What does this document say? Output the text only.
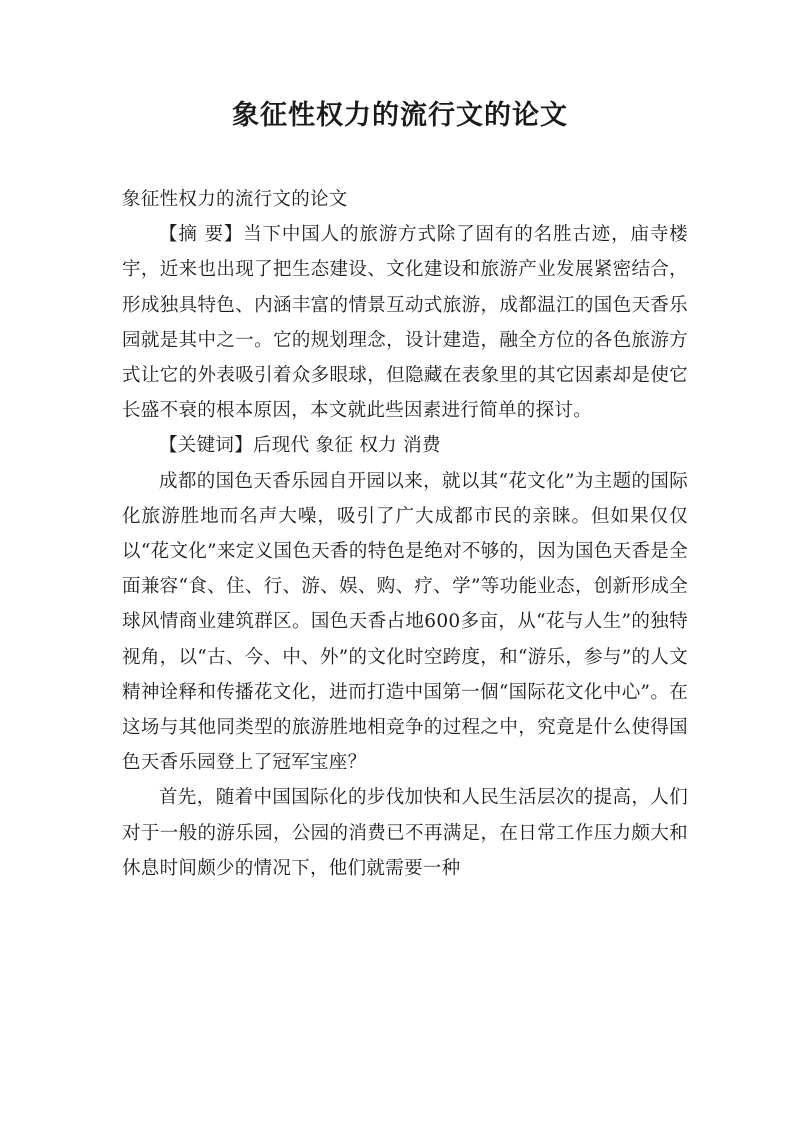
象征性权力的流行文的论文

象征性权力的流行文的论文

【摘 要】当下中国人的旅游方式除了固有的名胜古迹，庙寺楼宇，近来也出现了把生态建设、文化建设和旅游产业发展紧密结合，形成独具特色、内涵丰富的情景互动式旅游，成都温江的国色天香乐园就是其中之一。它的规划理念，设计建造，融全方位的各色旅游方式让它的外表吸引着众多眼球，但隐藏在表象里的其它因素却是使它长盛不衰的根本原因，本文就此些因素进行简单的探讨。

【关键词】后现代 象征 权力 消费

成都的国色天香乐园自开园以来，就以其“花文化”为主题的国际化旅游胜地而名声大噪，吸引了广大成都市民的亲睐。但如果仅仅以“花文化”来定义国色天香的特色是绝对不够的，因为国色天香是全面兼容“食、住、行、游、娱、购、疗、学”等功能业态，创新形成全球风情商业建筑群区。国色天香占地600多亩，从“花与人生”的独特视角，以“古、今、中、外”的文化时空跨度，和“游乐，参与”的人文精神诠释和传播花文化，进而打造中国第一個“国际花文化中心”。在这场与其他同类型的旅游胜地相竞争的过程之中，究竟是什么使得国色天香乐园登上了冠军宝座？

首先，随着中国国际化的步伐加快和人民生活层次的提高，人们对于一般的游乐园，公园的消费已不再满足，在日常工作压力颇大和休息时间颇少的情况下，他们就需要一种
